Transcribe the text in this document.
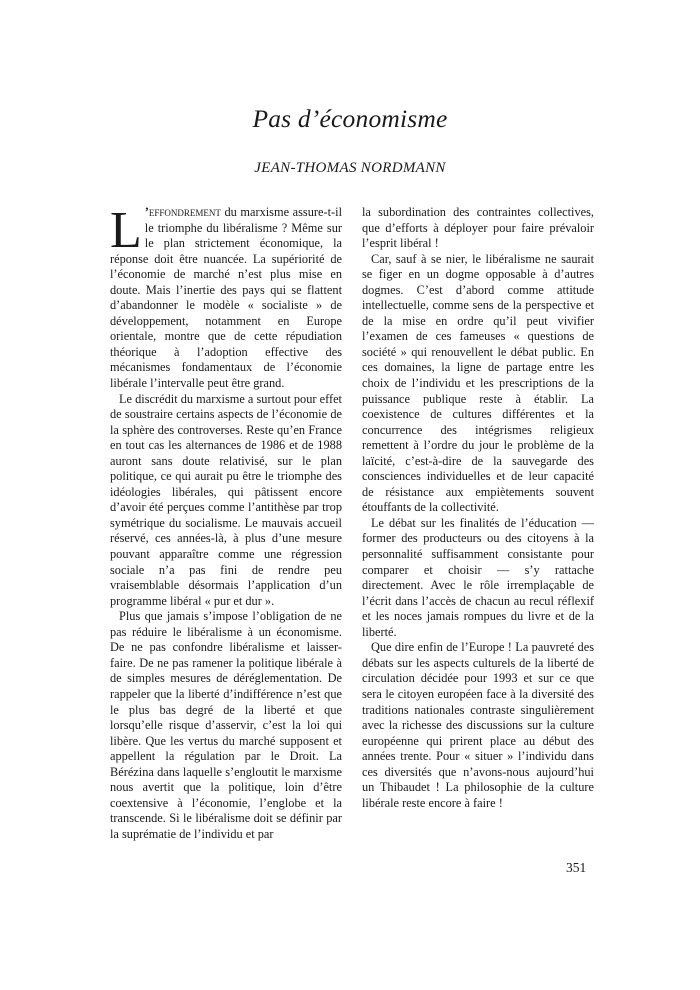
Pas d’économisme
JEAN-THOMAS NORDMANN

L ’effondrement du marxisme assure-t-il le triomphe du libéralisme ? Même sur le plan strictement économique, la réponse doit être nuancée. La supériorité de l’économie de marché n’est plus mise en doute. Mais l’inertie des pays qui se flattent d’abandonner le modèle « socialiste » de développement, notamment en Europe orientale, montre que de cette répudiation théorique à l’adoption effective des mécanismes fondamentaux de l’économie libérale l’intervalle peut être grand.

Le discrédit du marxisme a surtout pour effet de soustraire certains aspects de l’économie de la sphère des controverses. Reste qu’en France en tout cas les alternances de 1986 et de 1988 auront sans doute relativisé, sur le plan politique, ce qui aurait pu être le triomphe des idéologies libérales, qui pâtissent encore d’avoir été perçues comme l’antithèse par trop symétrique du socialisme. Le mauvais accueil réservé, ces années-là, à plus d’une mesure pouvant apparaître comme une régression sociale n’a pas fini de rendre peu vraisemblable désormais l’application d’un programme libéral « pur et dur ».

Plus que jamais s’impose l’obligation de ne pas réduire le libéralisme à un économisme. De ne pas confondre libéralisme et laisser-faire. De ne pas ramener la politique libérale à de simples mesures de déréglementation. De rappeler que la liberté d’indifférence n’est que le plus bas degré de la liberté et que lorsqu’elle risque d’asservir, c’est la loi qui libère. Que les vertus du marché supposent et appellent la régulation par le Droit. La Bérézina dans laquelle s’engloutit le marxisme nous avertit que la politique, loin d’être coextensive à l’économie, l’englobe et la transcende. Si le libéralisme doit se définir par la suprématie de l’individu et par

la subordination des contraintes collectives, que d’efforts à déployer pour faire prévaloir l’esprit libéral !

Car, sauf à se nier, le libéralisme ne saurait se figer en un dogme opposable à d’autres dogmes. C’est d’abord comme attitude intellectuelle, comme sens de la perspective et de la mise en ordre qu’il peut vivifier l’examen de ces fameuses « questions de société » qui renouvellent le débat public. En ces domaines, la ligne de partage entre les choix de l’individu et les prescriptions de la puissance publique reste à établir. La coexistence de cultures différentes et la concurrence des intégrismes religieux remettent à l’ordre du jour le problème de la laïcité, c’est-à-dire de la sauvegarde des consciences individuelles et de leur capacité de résistance aux empiètements souvent étouffants de la collectivité.

Le débat sur les finalités de l’éducation — former des producteurs ou des citoyens à la personnalité suffisamment consistante pour comparer et choisir — s’y rattache directement. Avec le rôle irremplaçable de l’écrit dans l’accès de chacun au recul réflexif et les noces jamais rompues du livre et de la liberté.

Que dire enfin de l’Europe ! La pauvreté des débats sur les aspects culturels de la liberté de circulation décidée pour 1993 et sur ce que sera le citoyen européen face à la diversité des traditions nationales contraste singulièrement avec la richesse des discussions sur la culture européenne qui prirent place au début des années trente. Pour « situer » l’individu dans ces diversités que n’avons-nous aujourd’hui un Thibaudet ! La philosophie de la culture libérale reste encore à faire !

351
